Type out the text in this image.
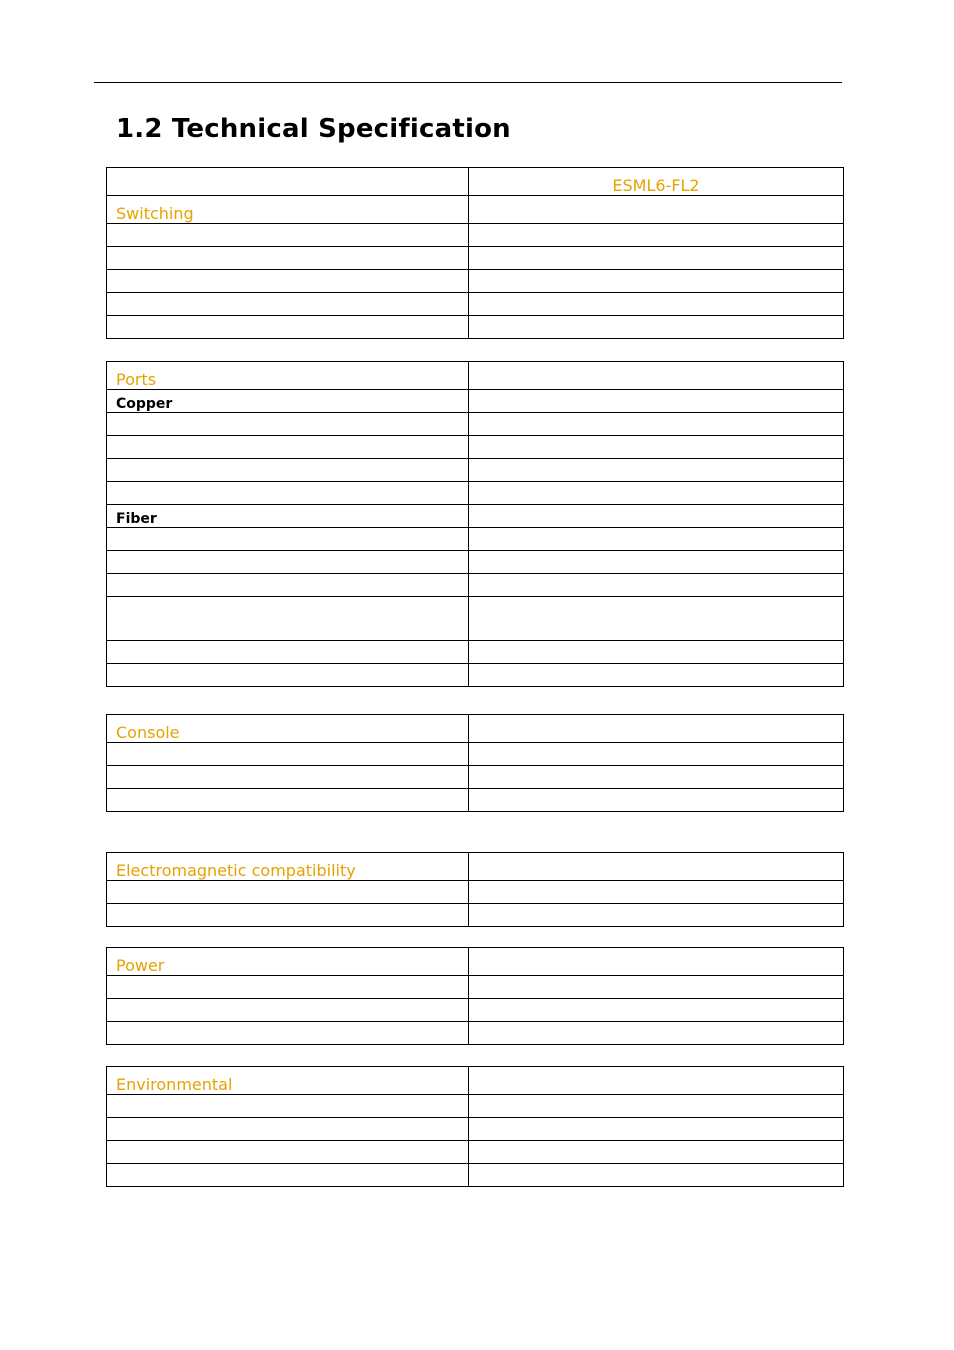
1.2 Technical Specification
	ESML6-FL2
Switching	

Ports	
Copper	

Fiber	

Console	

Electromagnetic compatibility	

Power	

Environmental	
